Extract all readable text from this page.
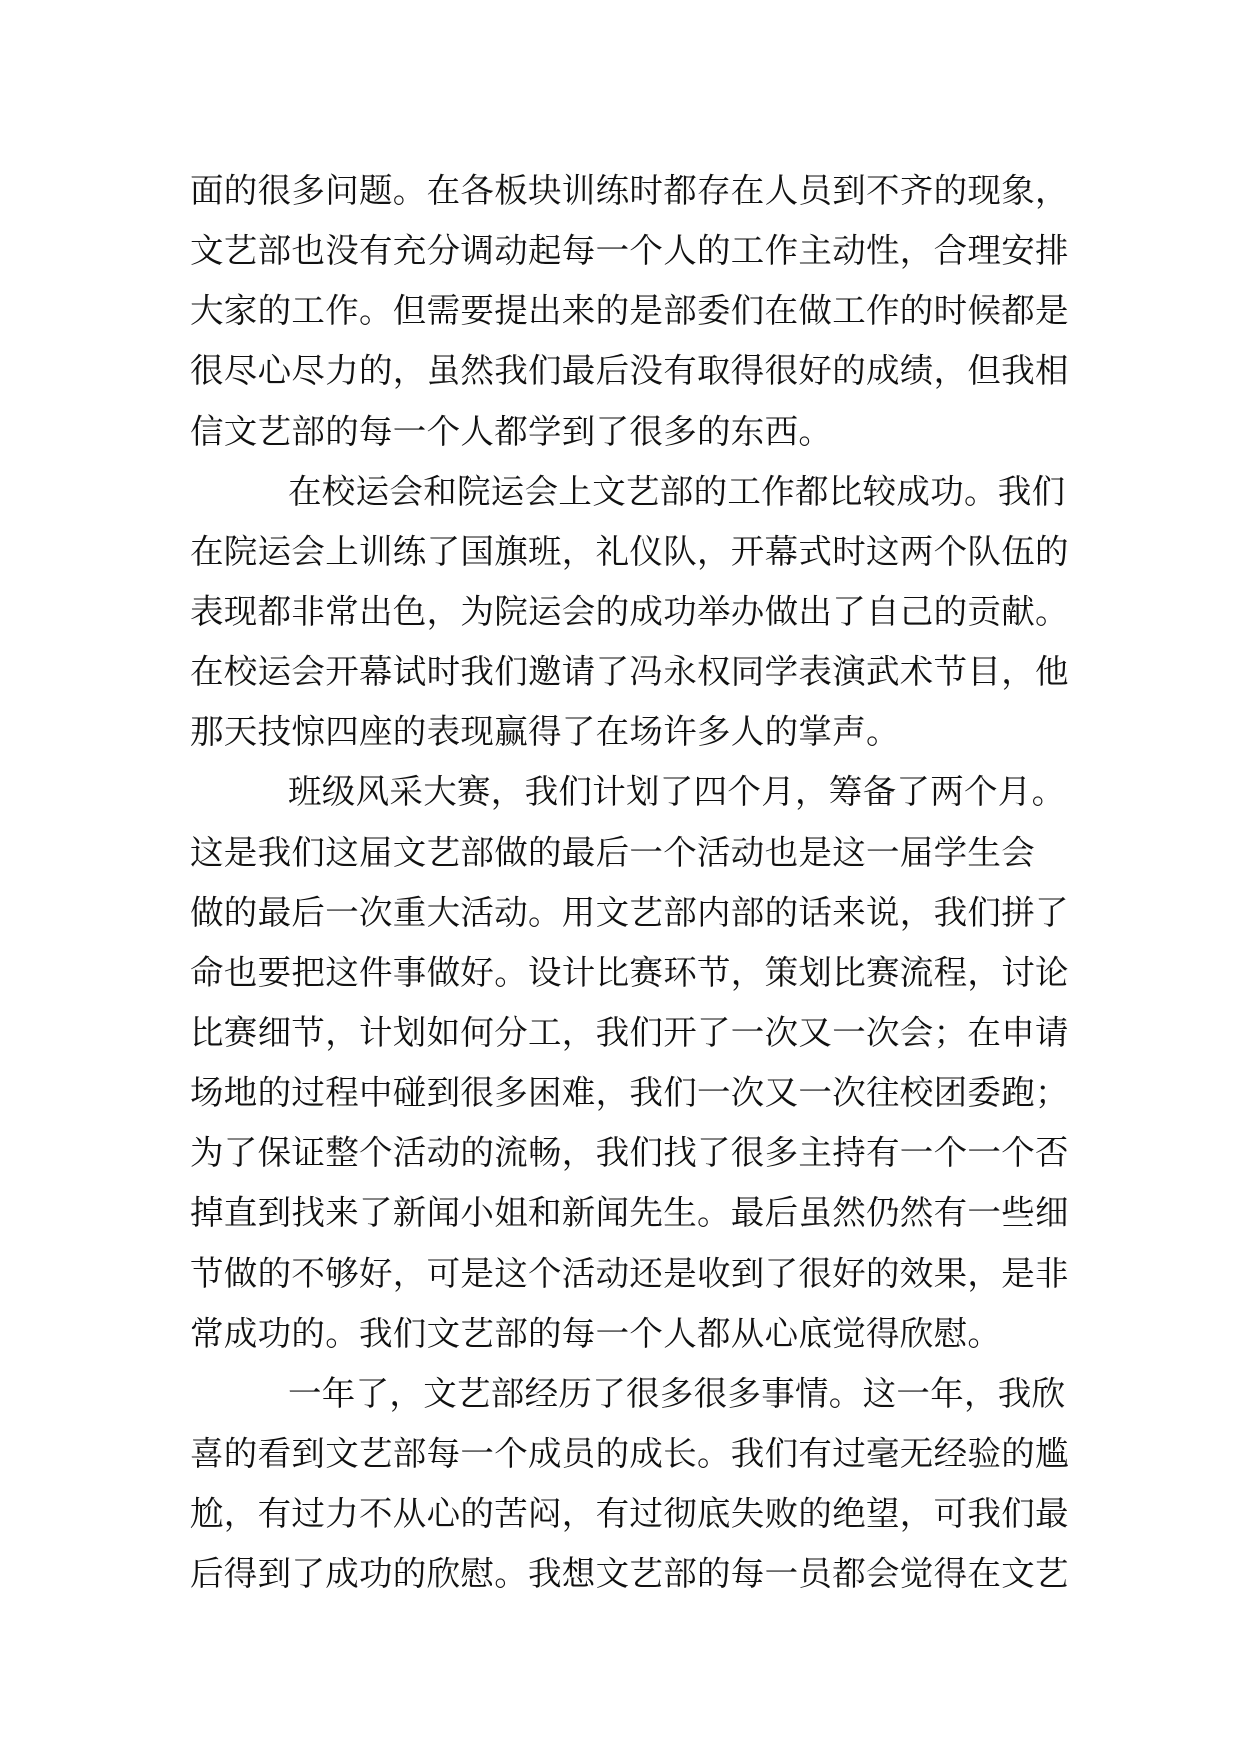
面的很多问题。在各板块训练时都存在人员到不齐的现象，
文艺部也没有充分调动起每一个人的工作主动性，合理安排
大家的工作。但需要提出来的是部委们在做工作的时候都是
很尽心尽力的，虽然我们最后没有取得很好的成绩，但我相
信文艺部的每一个人都学到了很多的东西。
在校运会和院运会上文艺部的工作都比较成功。我们
在院运会上训练了国旗班，礼仪队，开幕式时这两个队伍的
表现都非常出色，为院运会的成功举办做出了自己的贡献。
在校运会开幕试时我们邀请了冯永权同学表演武术节目，他
那天技惊四座的表现赢得了在场许多人的掌声。
班级风采大赛，我们计划了四个月，筹备了两个月。
这是我们这届文艺部做的最后一个活动也是这一届学生会
做的最后一次重大活动。用文艺部内部的话来说，我们拼了
命也要把这件事做好。设计比赛环节，策划比赛流程，讨论
比赛细节，计划如何分工，我们开了一次又一次会；在申请
场地的过程中碰到很多困难，我们一次又一次往校团委跑；
为了保证整个活动的流畅，我们找了很多主持有一个一个否
掉直到找来了新闻小姐和新闻先生。最后虽然仍然有一些细
节做的不够好，可是这个活动还是收到了很好的效果，是非
常成功的。我们文艺部的每一个人都从心底觉得欣慰。
一年了，文艺部经历了很多很多事情。这一年，我欣
喜的看到文艺部每一个成员的成长。我们有过毫无经验的尴
尬，有过力不从心的苦闷，有过彻底失败的绝望，可我们最
后得到了成功的欣慰。我想文艺部的每一员都会觉得在文艺
